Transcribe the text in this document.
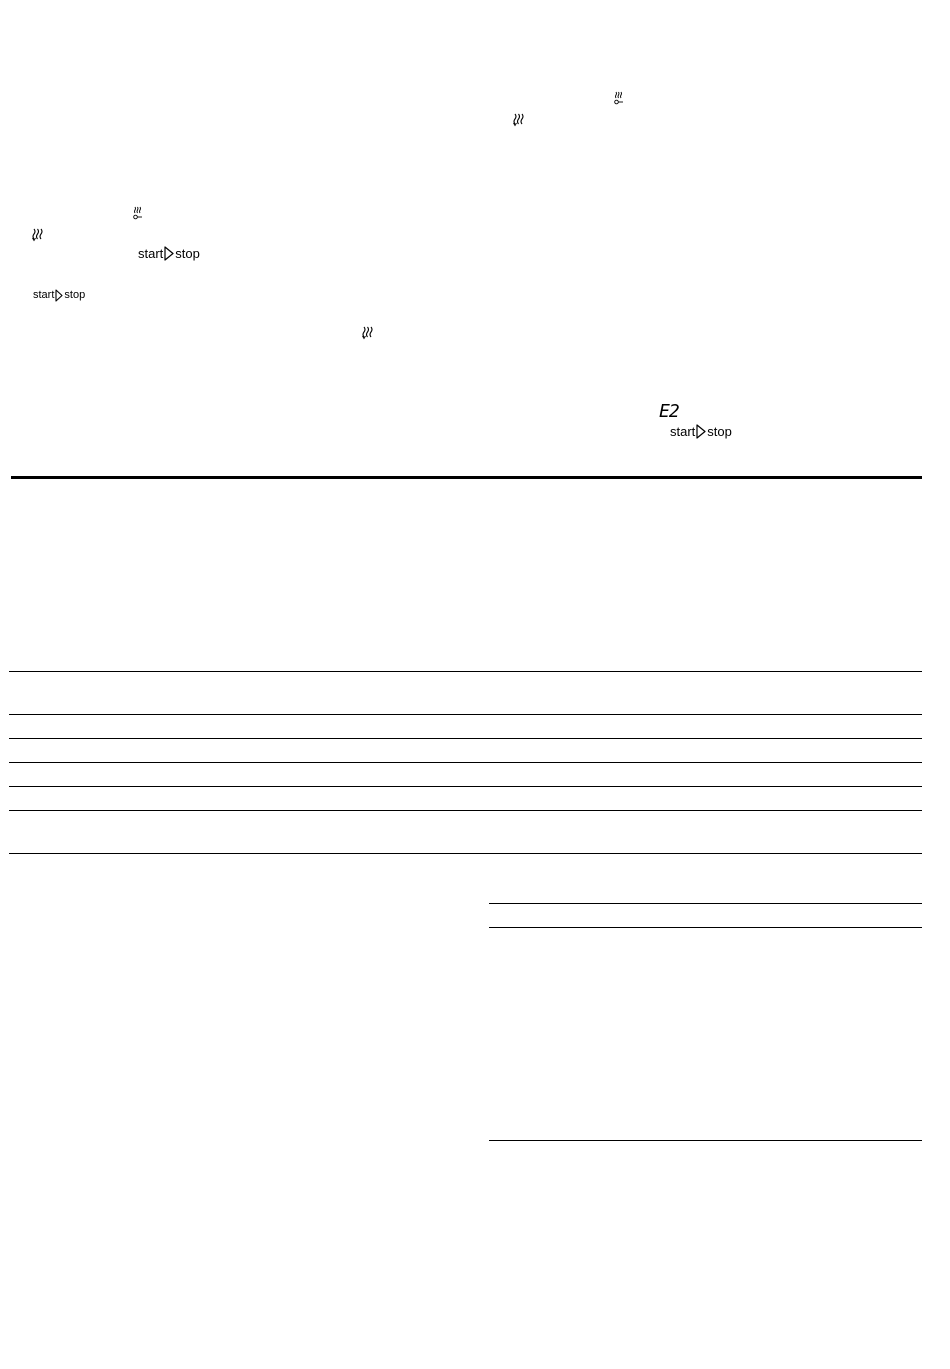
start stop
start stop
E2
start stop
